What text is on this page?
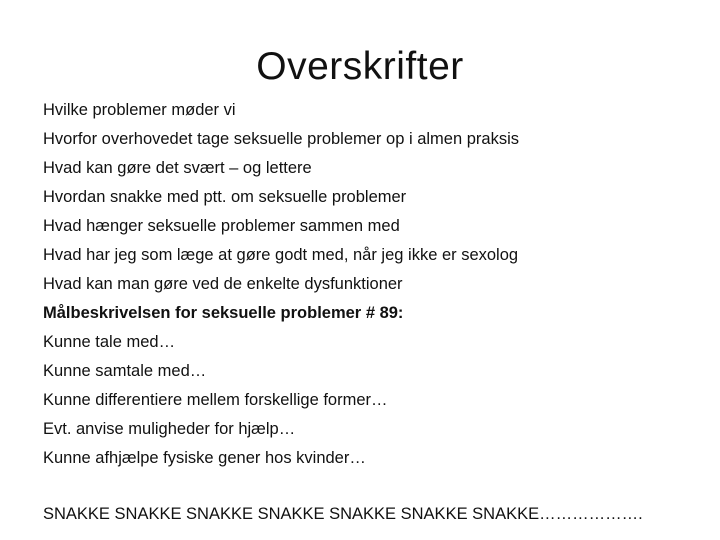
Overskrifter
Hvilke problemer møder vi
Hvorfor overhovedet tage seksuelle problemer op i almen praksis
Hvad kan gøre det svært – og lettere
Hvordan snakke med ptt. om seksuelle problemer
Hvad hænger seksuelle problemer sammen med
Hvad har jeg som læge at gøre godt med, når jeg ikke er sexolog
Hvad kan man gøre ved de enkelte dysfunktioner
Målbeskrivelsen for seksuelle problemer # 89:
Kunne tale med…
Kunne samtale med…
Kunne differentiere mellem forskellige former…
Evt. anvise muligheder for hjælp…
Kunne afhjælpe fysiske gener hos kvinder…
SNAKKE SNAKKE SNAKKE SNAKKE SNAKKE SNAKKE SNAKKE……………….
